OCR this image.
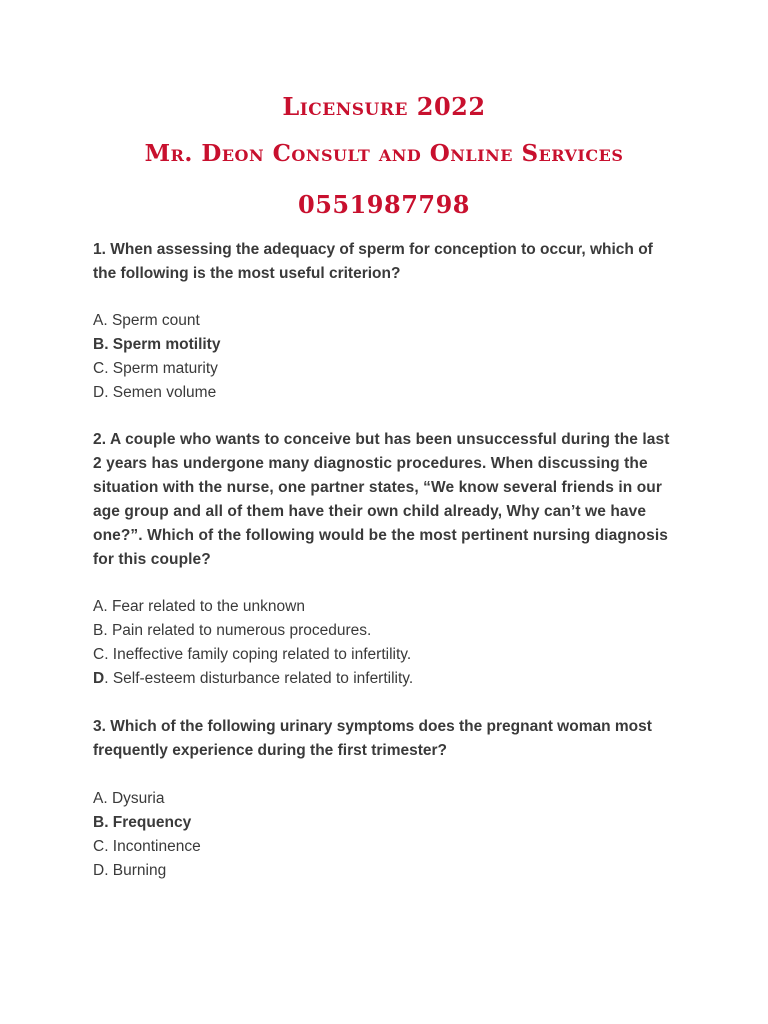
Licensure 2022
Mr. Deon Consult and Online Services
0551987798
1. When assessing the adequacy of sperm for conception to occur, which of the following is the most useful criterion?
A. Sperm count
B. Sperm motility
C. Sperm maturity
D. Semen volume
2. A couple who wants to conceive but has been unsuccessful during the last 2 years has undergone many diagnostic procedures. When discussing the situation with the nurse, one partner states, “We know several friends in our age group and all of them have their own child already, Why can’t we have one?”. Which of the following would be the most pertinent nursing diagnosis for this couple?
A. Fear related to the unknown
B. Pain related to numerous procedures.
C. Ineffective family coping related to infertility.
D. Self-esteem disturbance related to infertility.
3. Which of the following urinary symptoms does the pregnant woman most frequently experience during the first trimester?
A. Dysuria
B. Frequency
C. Incontinence
D. Burning
